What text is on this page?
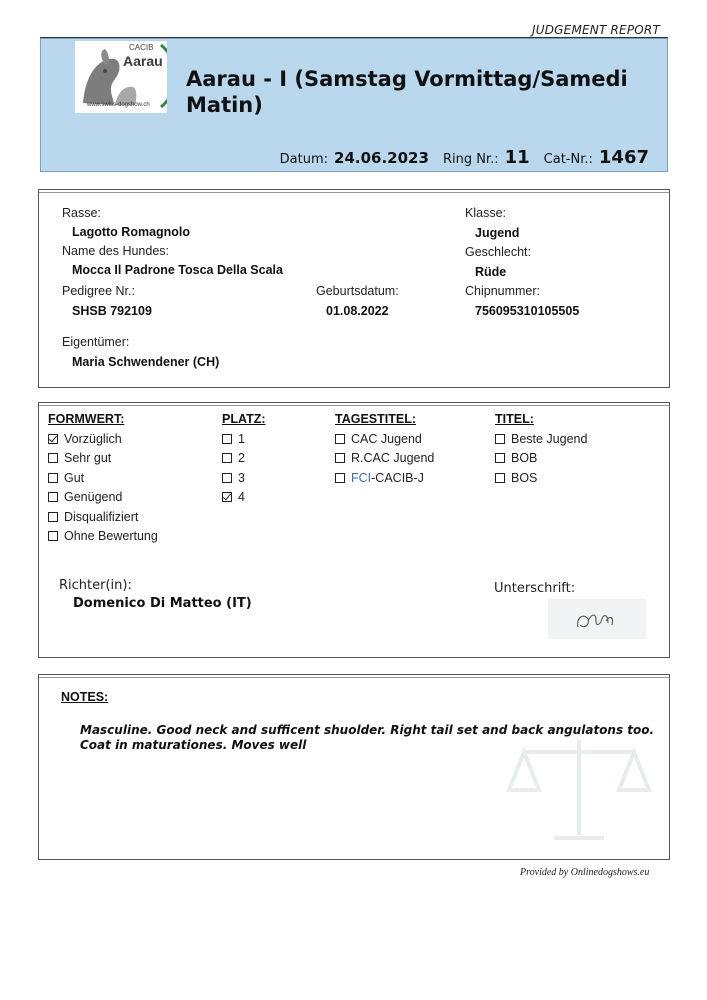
JUDGEMENT REPORT
CACIB
Aarau
www.swiss-dogshow.ch
Aarau - I (Samstag Vormittag/Samedi Matin)
Datum: 24.06.2023 Ring Nr.: 11 Cat-Nr.: 1467
Rasse:
Lagotto Romagnolo
Name des Hundes:
Mocca Il Padrone Tosca Della Scala
Pedigree Nr.:
SHSB 792109
Geburtsdatum:
01.08.2022
Eigentümer:
Maria Schwendener (CH)
Klasse:
Jugend
Geschlecht:
Rüde
Chipnummer:
756095310105505
FORMWERT:
Vorzüglich
Sehr gut
Gut
Genügend
Disqualifiziert
Ohne Bewertung
PLATZ:
1
2
3
4
TAGESTITEL:
CAC Jugend
R.CAC Jugend
FCI -CACIB-J
TITEL:
Beste Jugend
BOB
BOS
Richter(in):
Domenico Di Matteo (IT)
Unterschrift:
NOTES:
Masculine. Good neck and sufficent shuolder. Right tail set and back angulatons too.
Coat in maturationes. Moves well
Provided by Onlinedogshows.eu
